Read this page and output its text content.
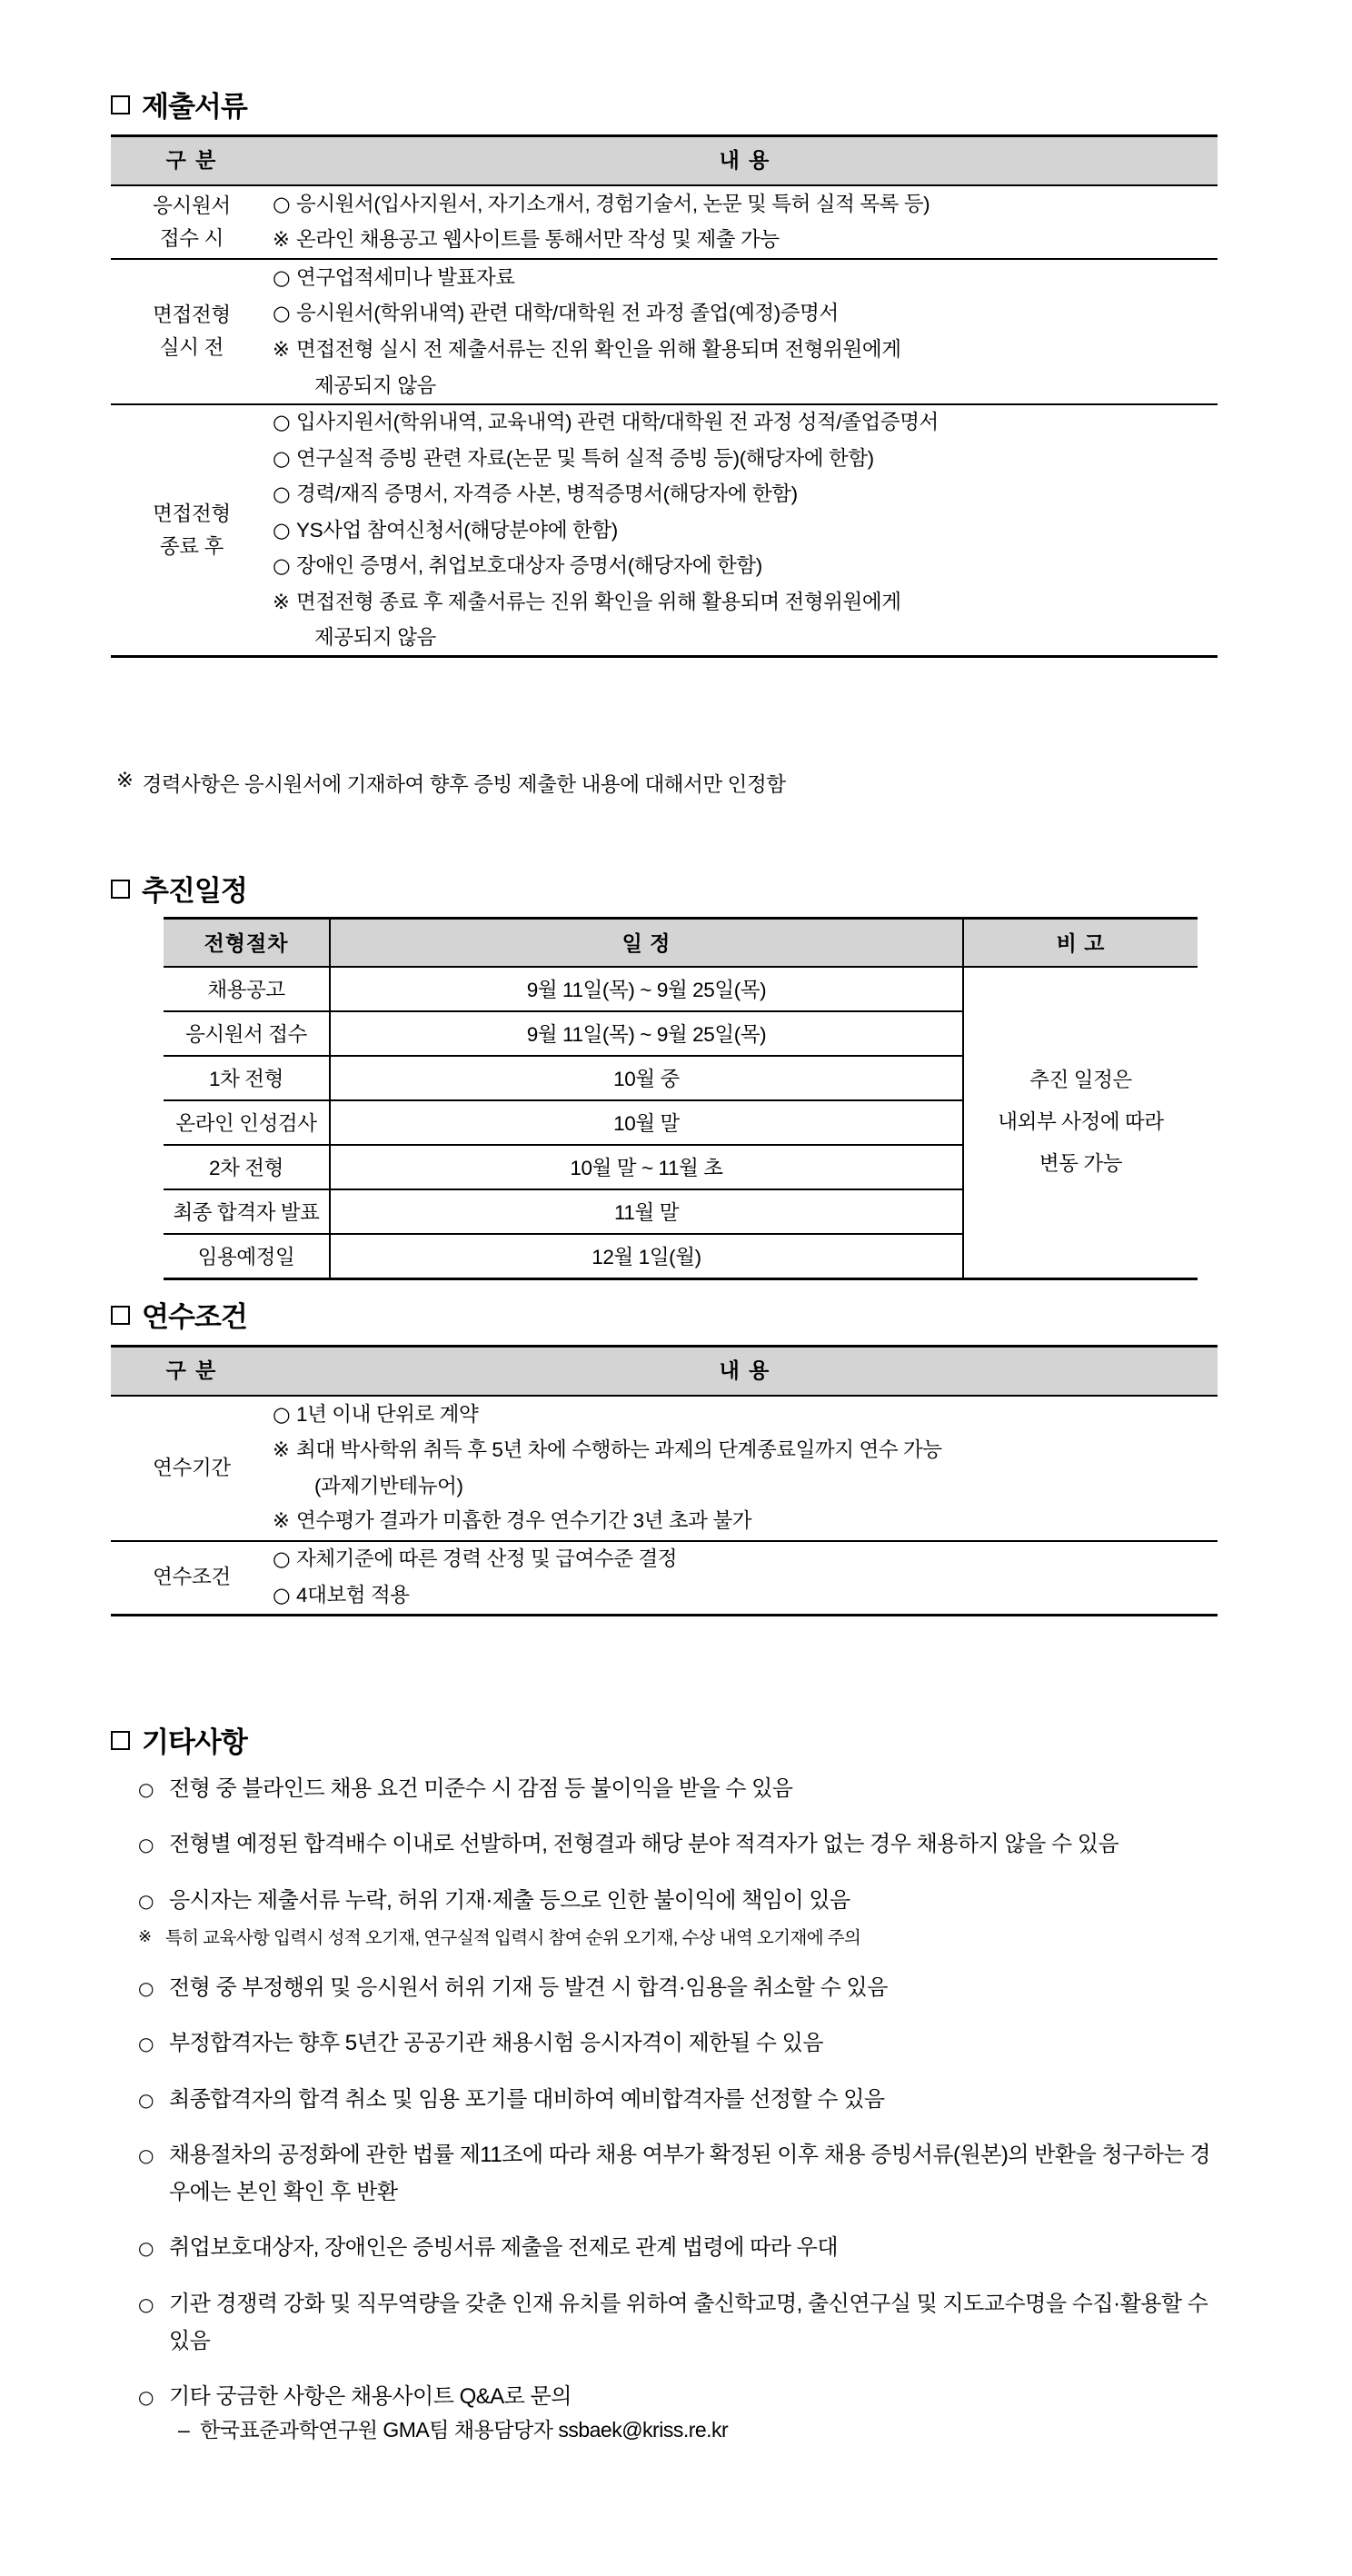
제출서류
구 분	내 용

응시원서
접수 시	○ 응시원서(입사지원서, 자기소개서, 경험기술서, 논문 및 특허 실적 목록 등)
※ 온라인 채용공고 웹사이트를 통해서만 작성 및 제출 가능

면접전형
실시 전	○ 연구업적세미나 발표자료
○ 응시원서(학위내역) 관련 대학/대학원 전 과정 졸업(예정)증명서
※ 면접전형 실시 전 제출서류는 진위 확인을 위해 활용되며 전형위원에게
제공되지 않음

면접전형
종료 후

○ 입사지원서(학위내역, 교육내역) 관련 대학/대학원 전 과정 성적/졸업증명서
○ 연구실적 증빙 관련 자료(논문 및 특허 실적 증빙 등)(해당자에 한함)
○ 경력/재직 증명서, 자격증 사본, 병적증명서(해당자에 한함)
○ YS사업 참여신청서(해당분야에 한함)
○ 장애인 증명서, 취업보호대상자 증명서(해당자에 한함)
※ 면접전형 종료 후 제출서류는 진위 확인을 위해 활용되며 전형위원에게
제공되지 않음
※ 경력사항은 응시원서에 기재하여 향후 증빙 제출한 내용에 대해서만 인정함
추진일정
전형절차	일 정	비 고
채용공고	9월 11일(목) ~ 9월 25일(목)	추진 일정은
내외부 사정에 따라
변동 가능

응시원서 접수	9월 11일(목) ~ 9월 25일(목)	
1차 전형	10월 중	
온라인 인성검사	10월 말	
2차 전형	10월 말 ~ 11월 초	
최종 합격자 발표	11월 말	
임용예정일	12월 1일(월)	
연수조건
구 분	내 용
연수기간	○ 1년 이내 단위로 계약
※ 최대 박사학위 취득 후 5년 차에 수행하는 과제의 단계종료일까지 연수 가능
(과제기반테뉴어)
※ 연수평가 결과가 미흡한 경우 연수기간 3년 초과 불가

연수조건	○ 자체기준에 따른 경력 산정 및 급여수준 결정
○ 4대보험 적용
기타사항
○ 전형 중 블라인드 채용 요건 미준수 시 감점 등 불이익을 받을 수 있음
○ 전형별 예정된 합격배수 이내로 선발하며, 전형결과 해당 분야 적격자가 없는 경우 채용하지 않을 수 있음
○ 응시자는 제출서류 누락, 허위 기재·제출 등으로 인한 불이익에 책임이 있음
※ 특히 교육사항 입력시 성적 오기재, 연구실적 입력시 참여 순위 오기재, 수상 내역 오기재에 주의
○ 전형 중 부정행위 및 응시원서 허위 기재 등 발견 시 합격·임용을 취소할 수 있음
○ 부정합격자는 향후 5년간 공공기관 채용시험 응시자격이 제한될 수 있음
○ 최종합격자의 합격 취소 및 임용 포기를 대비하여 예비합격자를 선정할 수 있음
○ 채용절차의 공정화에 관한 법률 제11조에 따라 채용 여부가 확정된 이후 채용 증빙서류(원본)의 반환을 청구하는 경우에는 본인 확인 후 반환
○ 취업보호대상자, 장애인은 증빙서류 제출을 전제로 관계 법령에 따라 우대
○ 기관 경쟁력 강화 및 직무역량을 갖춘 인재 유치를 위하여 출신학교명, 출신연구실 및 지도교수명을 수집·활용할 수 있음
○ 기타 궁금한 사항은 채용사이트 Q&A로 문의
– 한국표준과학연구원 GMA팀 채용담당자 ssbaek@kriss.re.kr
